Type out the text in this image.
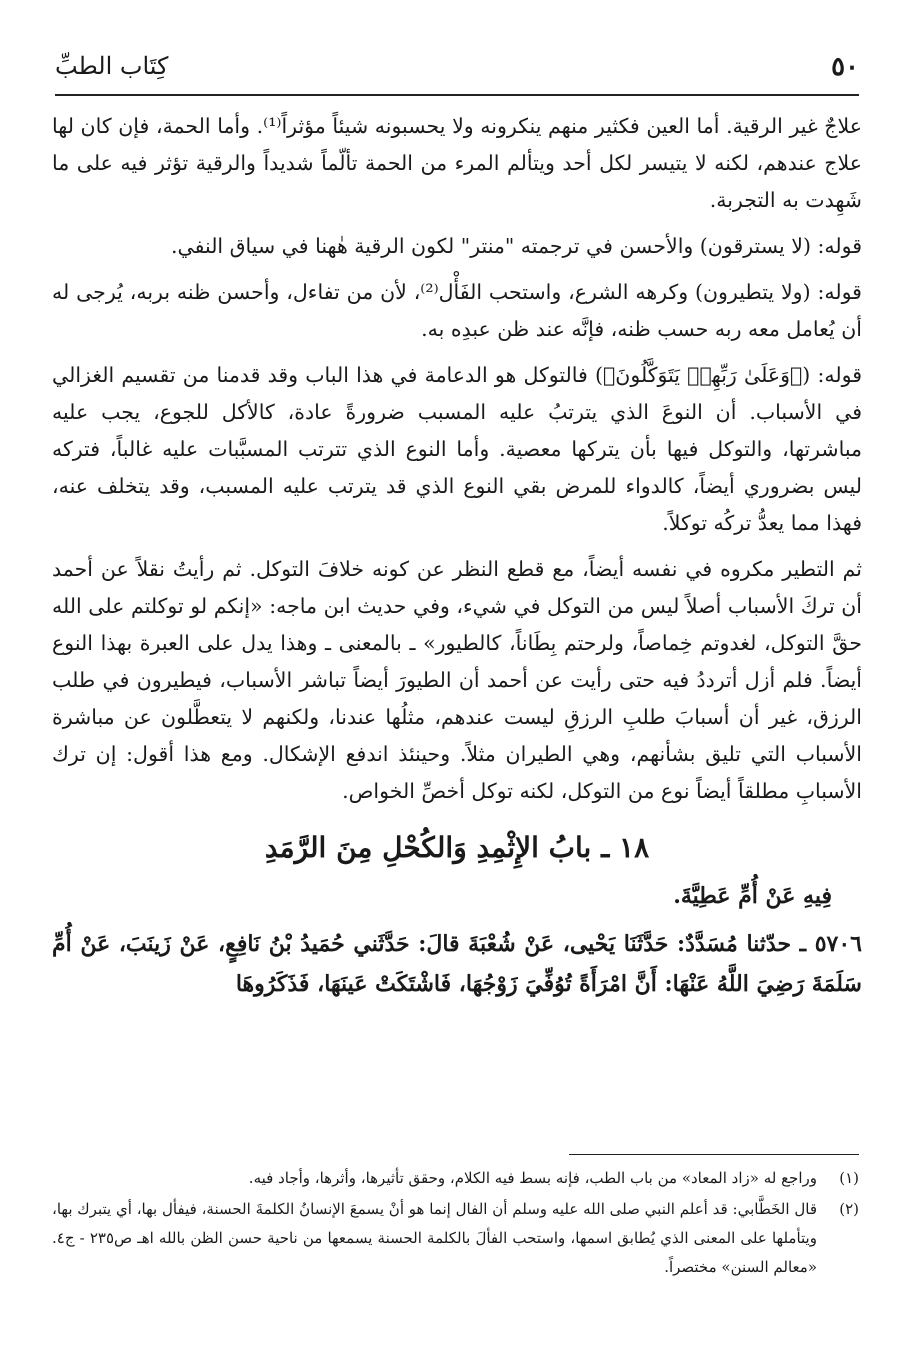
٥٠
كِتَاب الطبِّ

علاجٌ غير الرقية. أما العين فكثير منهم ينكرونه ولا يحسبونه شيئاً مؤثراً⁽¹⁾. وأما الحمة، فإن كان لها علاج عندهم، لكنه لا يتيسر لكل أحد ويتألم المرء من الحمة تألّماً شديداً والرقية تؤثر فيه على ما شَهِدت به التجربة.

قوله: (لا يسترقون) والأحسن في ترجمته "منتر" لكون الرقية هٰهنا في سياق النفي.

قوله: (ولا يتطيرون) وكرهه الشرع، واستحب الفَأْل⁽²⁾، لأن من تفاءل، وأحسن ظنه بربه، يُرجى له أن يُعامل معه ربه حسب ظنه، فإنَّه عند ظن عبدِه به.

قوله: (﴿وَعَلَىٰ رَبِّهِمۡ يَتَوَكَّلُونَ﴾) فالتوكل هو الدعامة في هذا الباب وقد قدمنا من تقسيم الغزالي في الأسباب. أن النوعَ الذي يترتبُ عليه المسبب ضرورةً عادة، كالأكل للجوع، يجب عليه مباشرتها، والتوكل فيها بأن يتركها معصية. وأما النوع الذي تترتب المسبَّبات عليه غالباً، فتركه ليس بضروري أيضاً، كالدواء للمرض بقي النوع الذي قد يترتب عليه المسبب، وقد يتخلف عنه، فهذا مما يعدُّ تركُه توكلاً.

ثم التطير مكروه في نفسه أيضاً، مع قطع النظر عن كونه خلافَ التوكل. ثم رأيتُ نقلاً عن أحمد أن تركَ الأسباب أصلاً ليس من التوكل في شيء، وفي حديث ابن ماجه: «إنكم لو توكلتم على الله حقَّ التوكل، لغدوتم خِماصاً، ولرحتم بِطَاناً، كالطيور» ـ بالمعنى ـ وهذا يدل على العبرة بهذا النوع أيضاً. فلم أزل أترددُ فيه حتى رأيت عن أحمد أن الطيورَ أيضاً تباشر الأسباب، فيطيرون في طلب الرزق، غير أن أسبابَ طلبِ الرزقِ ليست عندهم، مثلُها عندنا، ولكنهم لا يتعطَّلون عن مباشرة الأسباب التي تليق بشأنهم، وهي الطيران مثلاً. وحينئذ اندفع الإشكال. ومع هذا أقول: إن ترك الأسبابِ مطلقاً أيضاً نوع من التوكل، لكنه توكل أخصِّ الخواص.

١٨ ـ بابُ الإِثْمِدِ وَالكُحْلِ مِنَ الرَّمَدِ
فِيهِ عَنْ أُمِّ عَطِيَّةَ.

٥٧٠٦ ـ حدّثنا مُسَدَّدٌ: حَدَّثَنَا يَحْيى، عَنْ شُعْبَةَ قالَ: حَدَّثَني حُمَيدُ بْنُ نَافِعٍ، عَنْ زَينَبَ، عَنْ أُمِّ سَلَمَةَ رَضِيَ اللَّهُ عَنْهَا: أَنَّ امْرَأَةً تُوُفِّيَ زَوْجُهَا، فَاشْتَكَتْ عَينَهَا، فَذَكَرُوهَا

(١)
وراجع له «زاد المعاد» من باب الطب، فإنه بسط فيه الكلام، وحقق تأثيرها، وأثرها، وأجاد فيه.
(٢)
قال الخَطَّابي: قد أعلم النبي صلى الله عليه وسلم أن الفال إنما هو أنْ يسمعَ الإنسانُ الكلمةَ الحسنة، فيفأل بها، أي يتبرك بها، ويتأملها على المعنى الذي يُطابق اسمها، واستحب الفألَ بالكلمة الحسنة يسمعها من ناحية حسن الظن بالله اهـ ص٢٣٥ - ج٤. «معالم السنن» مختصراً.
